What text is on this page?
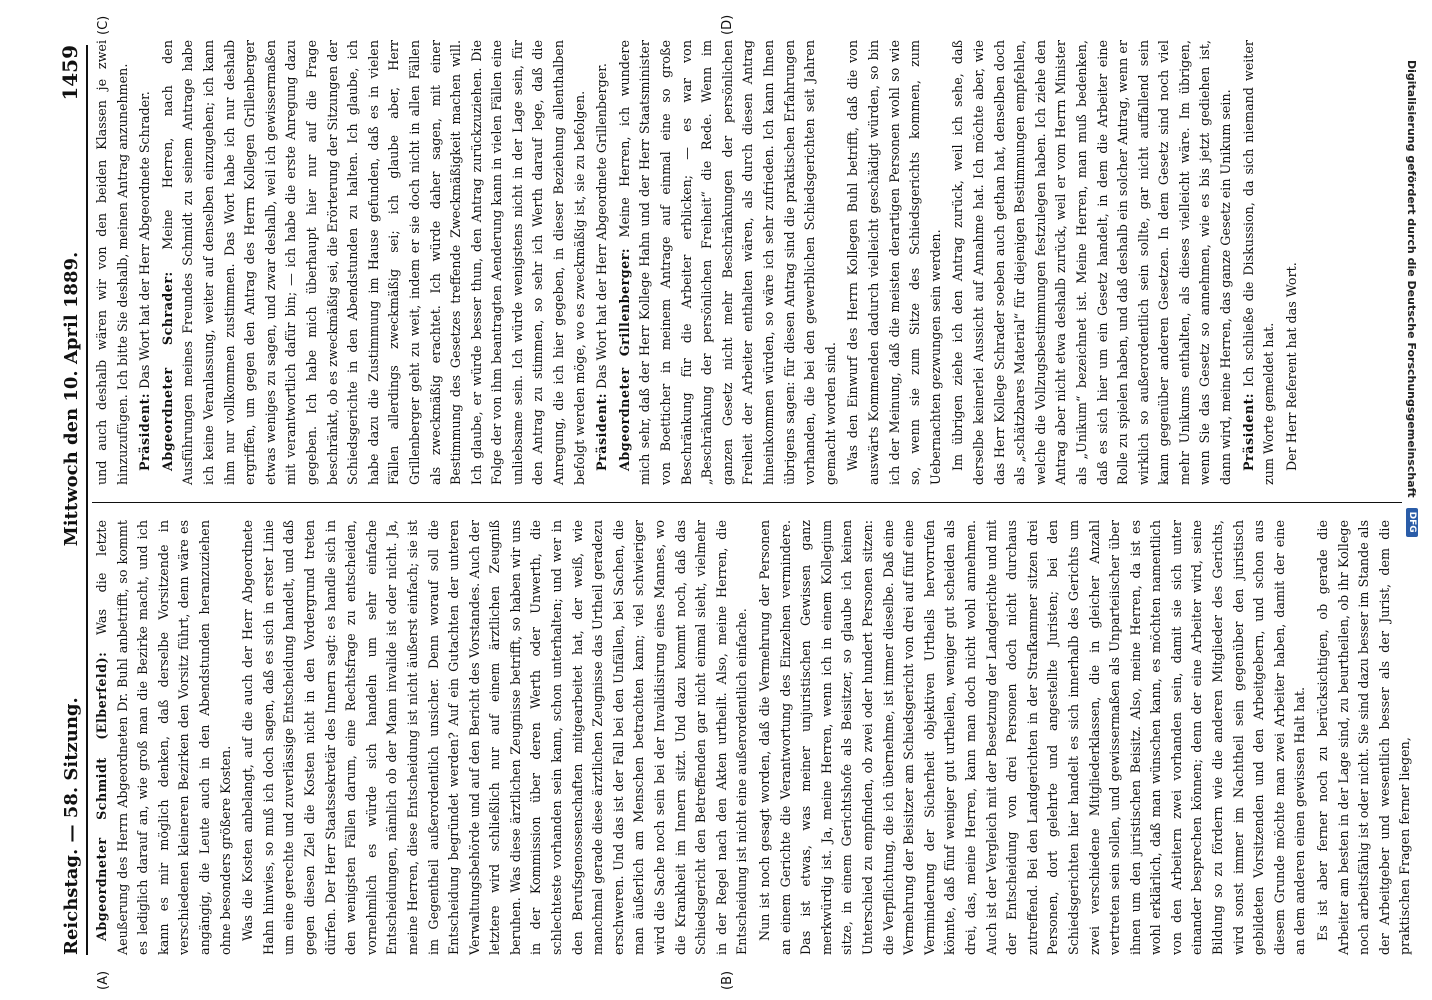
Reichstag. — 58. Sitzung.
Mittwoch den 10. April 1889.
1459
(A)	(B)
(C)	(D)

Abgeordneter Schmidt (Elberfeld): Was die letzte Aeußerung des Herrn Abgeordneten Dr. Buhl anbetrifft, so kommt es lediglich darauf an, wie groß man die Bezirke macht, und ich kann es mir möglich denken, daß derselbe Vorsitzende in verschiedenen kleineren Bezirken den Vorsitz führt, denn wäre es angängig, die Leute auch in den Abendstunden heranzuziehen ohne besonders größere Kosten. Was die Kosten anbelangt, auf die auch der Herr Abgeordnete Hahn hinwies, so muß ich doch sagen, daß es sich in erster Linie um eine gerechte und zuverlässige Entscheidung handelt, und daß gegen diesen Ziel die Kosten nicht in den Vordergrund treten dürfen. Der Herr Staatssekretär des Innern sagt: es handle sich in den wenigsten Fällen darum, eine Rechtsfrage zu entscheiden, vornehmlich es würde sich handeln um sehr einfache Entscheidungen, nämlich ob der Mann invalide ist oder nicht. Ja, meine Herren, diese Entscheidung ist nicht äußerst einfach; sie ist im Gegentheil außerordentlich unsicher. Denn worauf soll die Entscheidung begründet werden? Auf ein Gutachten der unteren Verwaltungsbehörde und auf den Bericht des Vorstandes. Auch der letztere wird schließlich nur auf einem ärztlichen Zeugniß beruhen. Was diese ärztlichen Zeugnisse betrifft, so haben wir uns in der Kommission über deren Werth oder Unwerth, die schlechteste vorhanden sein kann, schon unterhalten; und wer in den Berufsgenossenschaften mitgearbeitet hat, der weiß, wie manchmal gerade diese ärztlichen Zeugnisse das Urtheil geradezu erschweren. Und das ist der Fall bei den Unfällen, bei Sachen, die man äußerlich am Menschen betrachten kann; viel schwieriger wird die Sache noch sein bei der Invalidisirung eines Mannes, wo die Krankheit im Innern sitzt. Und dazu kommt noch, daß das Schiedsgericht den Betreffenden gar nicht einmal sieht, vielmehr in der Regel nach den Akten urtheilt. Also, meine Herren, die Entscheidung ist nicht eine außerordentlich einfache. Nun ist noch gesagt worden, daß die Vermehrung der Personen an einem Gerichte die Verantwortung des Einzelnen vermindere. Das ist etwas, was meiner unjuristischen Gewissen ganz merkwürdig ist. Ja, meine Herren, wenn ich in einem Kollegium sitze, in einem Gerichtshofe als Beisitzer, so glaube ich keinen Unterschied zu empfinden, ob zwei oder hundert Personen sitzen: die Verpflichtung, die ich übernehme, ist immer dieselbe. Daß eine Vermehrung der Beisitzer am Schiedsgericht von drei auf fünf eine Verminderung der Sicherheit objektiven Urtheils hervorrufen könnte, daß fünf weniger gut urtheilen, weniger gut scheiden als drei, das, meine Herren, kann man doch nicht wohl annehmen. Auch ist der Vergleich mit der Besetzung der Landgerichte und mit der Entscheidung von drei Personen doch nicht durchaus zutreffend. Bei den Landgerichten in der Strafkammer sitzen drei Personen, dort gelehrte und angestellte Juristen; bei den Schiedsgerichten hier handelt es sich innerhalb des Gerichts um zwei verschiedene Mitgliederklassen, die in gleicher Anzahl vertreten sein sollen, und gewissermaßen als Unparteiischer über ihnen um den juristischen Beisitz. Also, meine Herren, da ist es wohl erklärlich, daß man wünschen kann, es möchten namentlich von den Arbeitern zwei vorhanden sein, damit sie sich unter einander besprechen können; denn der eine Arbeiter wird, seine Bildung so zu fördern wie die anderen Mitglieder des Gerichts, wird sonst immer im Nachtheil sein gegenüber den juristisch gebildeten Vorsitzenden und den Arbeitgebern, und schon aus diesem Grunde möchte man zwei Arbeiter haben, damit der eine an dem anderen einen gewissen Halt hat. Es ist aber ferner noch zu berücksichtigen, ob gerade die Arbeiter am besten in der Lage sind, zu beurtheilen, ob ihr Kollege noch arbeitsfähig ist oder nicht. Sie sind dazu besser im Stande als der Arbeitgeber und wesentlich besser als der Jurist, dem die praktischen Fragen ferner liegen,

und auch deshalb wären wir von den beiden Klassen je zwei hinzuzufügen. Ich bitte Sie deshalb, meinen Antrag anzunehmen. Präsident: Das Wort hat der Herr Abgeordnete Schrader. Abgeordneter Schrader: Meine Herren, nach den Ausführungen meines Freundes Schmidt zu seinem Antrage habe ich keine Veranlassung, weiter auf denselben einzugehen; ich kann ihm nur vollkommen zustimmen. Das Wort habe ich nur deshalb ergriffen, um gegen den Antrag des Herrn Kollegen Grillenberger etwas weniges zu sagen, und zwar deshalb, weil ich gewissermaßen mit verantwortlich dafür bin; — ich habe die erste Anregung dazu gegeben. Ich habe mich überhaupt hier nur auf die Frage beschränkt, ob es zweckmäßig sei, die Erörterung der Sitzungen der Schiedsgerichte in den Abendstunden zu halten. Ich glaube, ich habe dazu die Zustimmung im Hause gefunden, daß es in vielen Fällen allerdings zweckmäßig sei; ich glaube aber, Herr Grillenberger geht zu weit, indem er sie doch nicht in allen Fällen als zweckmäßig erachtet. Ich würde daher sagen, mit einer Bestimmung des Gesetzes treffende Zweckmäßigkeit machen will. Ich glaube, er würde besser thun, den Antrag zurückzuziehen. Die Folge der von ihm beantragten Aenderung kann in vielen Fällen eine unliebsame sein. Ich würde wenigstens nicht in der Lage sein, für den Antrag zu stimmen, so sehr ich Werth darauf lege, daß die Anregung, die ich hier gegeben, in dieser Beziehung allenthalben befolgt werden möge, wo es zweckmäßig ist, sie zu befolgen. Präsident: Das Wort hat der Herr Abgeordnete Grillenberger. Abgeordneter Grillenberger: Meine Herren, ich wundere mich sehr, daß der Herr Kollege Hahn und der Herr Staatsminister von Boetticher in meinem Antrage auf einmal eine so große Beschränkung für die Arbeiter erblicken; — es war von „Beschränkung der persönlichen Freiheit“ die Rede. Wenn im ganzen Gesetz nicht mehr Beschränkungen der persönlichen Freiheit der Arbeiter enthalten wären, als durch diesen Antrag hineinkommen würden, so wäre ich sehr zufrieden. Ich kann Ihnen übrigens sagen: für diesen Antrag sind die praktischen Erfahrungen vorhanden, die bei den gewerblichen Schiedsgerichten seit Jahren gemacht worden sind. Was den Einwurf des Herrn Kollegen Buhl betrifft, daß die von auswärts Kommenden dadurch vielleicht geschädigt würden, so bin ich der Meinung, daß die meisten derartigen Personen wohl so wie so, wenn sie zum Sitze des Schiedsgerichts kommen, zum Uebernachten gezwungen sein werden. Im übrigen ziehe ich den Antrag zurück, weil ich sehe, daß derselbe keinerlei Aussicht auf Annahme hat. Ich möchte aber, wie das Herr Kollege Schrader soeben auch gethan hat, denselben doch als „schätzbares Material“ für diejenigen Bestimmungen empfehlen, welche die Vollzugsbestimmungen festzulegen haben. Ich ziehe den Antrag aber nicht etwa deshalb zurück, weil er vom Herrn Minister als „Unikum“ bezeichnet ist. Meine Herren, man muß bedenken, daß es sich hier um ein Gesetz handelt, in dem die Arbeiter eine Rolle zu spielen haben, und daß deshalb ein solcher Antrag, wenn er wirklich so außerordentlich sein sollte, gar nicht auffallend sein kann gegenüber anderen Gesetzen. In dem Gesetz sind noch viel mehr Unikums enthalten, als dieses vielleicht wäre. Im übrigen, wenn Sie das Gesetz so annehmen, wie es bis jetzt gediehen ist, dann wird, meine Herren, das ganze Gesetz ein Unikum sein. Präsident: Ich schließe die Diskussion, da sich niemand weiter zum Worte gemeldet hat. Der Herr Referent hat das Wort.	Digitalisierung gefördert durch die Deutsche Forschungsgemeinschaft
DFG
